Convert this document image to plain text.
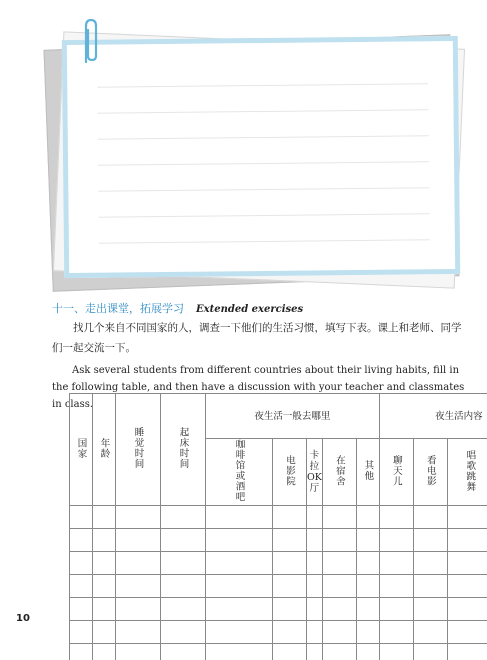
十一、走出课堂，拓展学习 Extended exercises
找几个来自不同国家的人，调查一下他们的生活习惯，填写下表。课上和老师、同学们一起交流一下。
Ask several students from different countries about their living habits, fill in the following table, and then have a discussion with your teacher and classmates in class.
国家	年龄	睡觉时间	起床时间	夜生活一般去哪里					夜生活内容	
				咖啡馆或酒吧	电影院	卡拉OK厅	在宿舍	其他	聊天儿	看电影	唱歌跳舞				

10
